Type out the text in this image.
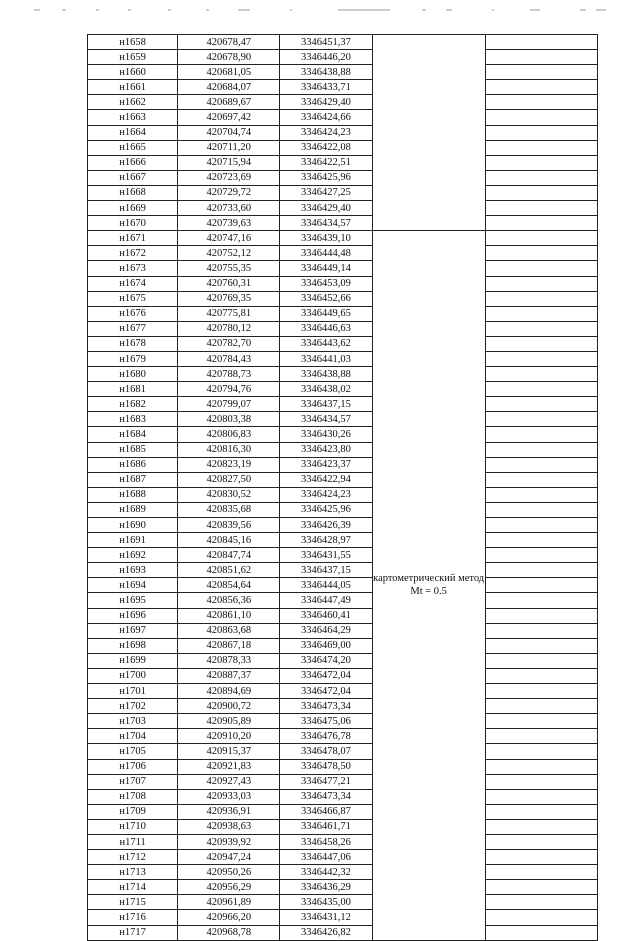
н1658	420678,47	3346451,37		
н1659	420678,90	3346446,20		
н1660	420681,05	3346438,88		
н1661	420684,07	3346433,71		
н1662	420689,67	3346429,40		
н1663	420697,42	3346424,66		
н1664	420704,74	3346424,23		
н1665	420711,20	3346422,08		
н1666	420715,94	3346422,51		
н1667	420723,69	3346425,96		
н1668	420729,72	3346427,25		
н1669	420733,60	3346429,40		
н1670	420739,63	3346434,57		
н1671	420747,16	3346439,10	картометрический метод Mt = 0.5	
н1672	420752,12	3346444,48		
н1673	420755,35	3346449,14		
н1674	420760,31	3346453,09		
н1675	420769,35	3346452,66		
н1676	420775,81	3346449,65		
н1677	420780,12	3346446,63		
н1678	420782,70	3346443,62		
н1679	420784,43	3346441,03		
н1680	420788,73	3346438,88		
н1681	420794,76	3346438,02		
н1682	420799,07	3346437,15		
н1683	420803,38	3346434,57		
н1684	420806,83	3346430,26		
н1685	420816,30	3346423,80		
н1686	420823,19	3346423,37		
н1687	420827,50	3346422,94		
н1688	420830,52	3346424,23		
н1689	420835,68	3346425,96		
н1690	420839,56	3346426,39		
н1691	420845,16	3346428,97		
н1692	420847,74	3346431,55		
н1693	420851,62	3346437,15		
н1694	420854,64	3346444,05		
н1695	420856,36	3346447,49		
н1696	420861,10	3346460,41		
н1697	420863,68	3346464,29		
н1698	420867,18	3346469,00		
н1699	420878,33	3346474,20		
н1700	420887,37	3346472,04		
н1701	420894,69	3346472,04		
н1702	420900,72	3346473,34		
н1703	420905,89	3346475,06		
н1704	420910,20	3346476,78		
н1705	420915,37	3346478,07		
н1706	420921,83	3346478,50		
н1707	420927,43	3346477,21		
н1708	420933,03	3346473,34		
н1709	420936,91	3346466,87		
н1710	420938,63	3346461,71		
н1711	420939,92	3346458,26		
н1712	420947,24	3346447,06		
н1713	420950,26	3346442,32		
н1714	420956,29	3346436,29		
н1715	420961,89	3346435,00		
н1716	420966,20	3346431,12		
н1717	420968,78	3346426,82		
